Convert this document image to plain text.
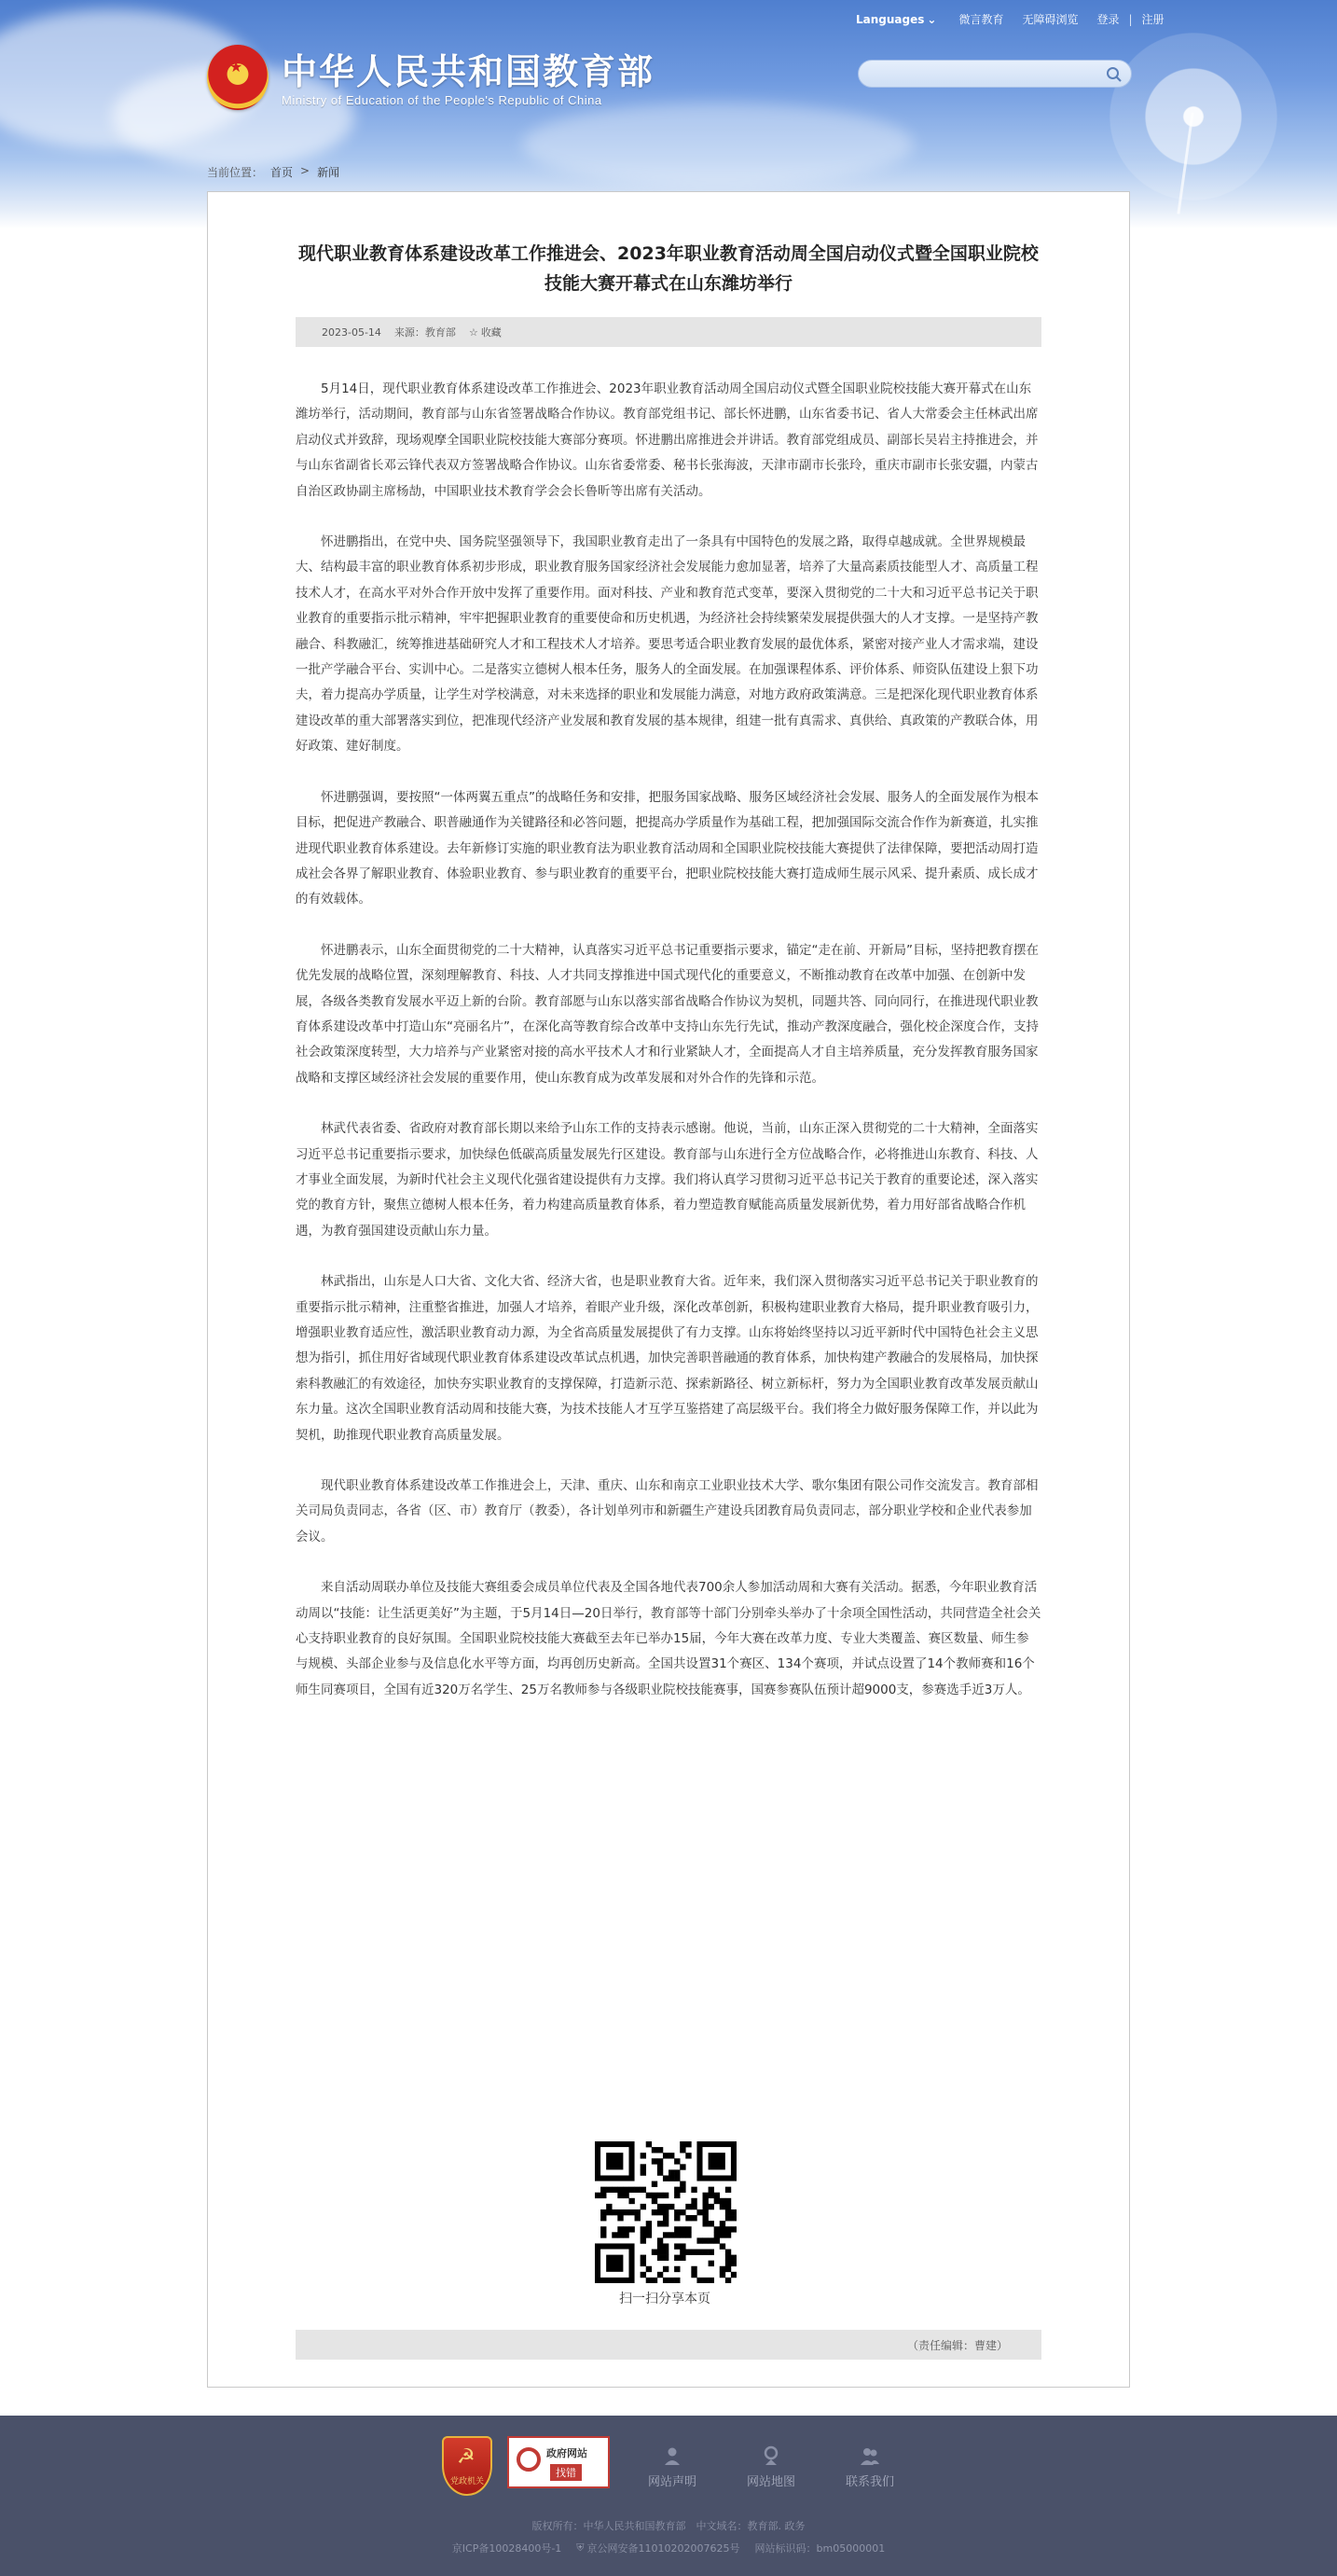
Languages ⌄ 微言教育 无障碍浏览 登录 | 注册
★
中华人民共和国教育部
Ministry of Education of the People's Republic of China
当前位置： 首页 > 新闻
现代职业教育体系建设改革工作推进会、2023年职业教育活动周全国启动仪式暨全国职业院校技能大赛开幕式在山东潍坊举行
2023-05-14 来源：教育部 ☆ 收藏

5月14日，现代职业教育体系建设改革工作推进会、2023年职业教育活动周全国启动仪式暨全国职业院校技能大赛开幕式在山东潍坊举行，活动期间，教育部与山东省签署战略合作协议。教育部党组书记、部长怀进鹏，山东省委书记、省人大常委会主任林武出席启动仪式并致辞，现场观摩全国职业院校技能大赛部分赛项。怀进鹏出席推进会并讲话。教育部党组成员、副部长吴岩主持推进会，并与山东省副省长邓云锋代表双方签署战略合作协议。山东省委常委、秘书长张海波，天津市副市长张玲，重庆市副市长张安疆，内蒙古自治区政协副主席杨劼，中国职业技术教育学会会长鲁昕等出席有关活动。

怀进鹏指出，在党中央、国务院坚强领导下，我国职业教育走出了一条具有中国特色的发展之路，取得卓越成就。全世界规模最大、结构最丰富的职业教育体系初步形成，职业教育服务国家经济社会发展能力愈加显著，培养了大量高素质技能型人才、高质量工程技术人才，在高水平对外合作开放中发挥了重要作用。面对科技、产业和教育范式变革，要深入贯彻党的二十大和习近平总书记关于职业教育的重要指示批示精神，牢牢把握职业教育的重要使命和历史机遇，为经济社会持续繁荣发展提供强大的人才支撑。一是坚持产教融合、科教融汇，统筹推进基础研究人才和工程技术人才培养。要思考适合职业教育发展的最优体系，紧密对接产业人才需求端，建设一批产学融合平台、实训中心。二是落实立德树人根本任务，服务人的全面发展。在加强课程体系、评价体系、师资队伍建设上狠下功夫，着力提高办学质量，让学生对学校满意，对未来选择的职业和发展能力满意，对地方政府政策满意。三是把深化现代职业教育体系建设改革的重大部署落实到位，把准现代经济产业发展和教育发展的基本规律，组建一批有真需求、真供给、真政策的产教联合体，用好政策、建好制度。

怀进鹏强调，要按照“一体两翼五重点”的战略任务和安排，把服务国家战略、服务区域经济社会发展、服务人的全面发展作为根本目标，把促进产教融合、职普融通作为关键路径和必答问题，把提高办学质量作为基础工程，把加强国际交流合作作为新赛道，扎实推进现代职业教育体系建设。去年新修订实施的职业教育法为职业教育活动周和全国职业院校技能大赛提供了法律保障，要把活动周打造成社会各界了解职业教育、体验职业教育、参与职业教育的重要平台，把职业院校技能大赛打造成师生展示风采、提升素质、成长成才的有效载体。

怀进鹏表示，山东全面贯彻党的二十大精神，认真落实习近平总书记重要指示要求，锚定“走在前、开新局”目标，坚持把教育摆在优先发展的战略位置，深刻理解教育、科技、人才共同支撑推进中国式现代化的重要意义，不断推动教育在改革中加强、在创新中发展，各级各类教育发展水平迈上新的台阶。教育部愿与山东以落实部省战略合作协议为契机，同题共答、同向同行，在推进现代职业教育体系建设改革中打造山东“亮丽名片”，在深化高等教育综合改革中支持山东先行先试，推动产教深度融合，强化校企深度合作，支持社会政策深度转型，大力培养与产业紧密对接的高水平技术人才和行业紧缺人才，全面提高人才自主培养质量，充分发挥教育服务国家战略和支撑区域经济社会发展的重要作用，使山东教育成为改革发展和对外合作的先锋和示范。

林武代表省委、省政府对教育部长期以来给予山东工作的支持表示感谢。他说，当前，山东正深入贯彻党的二十大精神，全面落实习近平总书记重要指示要求，加快绿色低碳高质量发展先行区建设。教育部与山东进行全方位战略合作，必将推进山东教育、科技、人才事业全面发展，为新时代社会主义现代化强省建设提供有力支撑。我们将认真学习贯彻习近平总书记关于教育的重要论述，深入落实党的教育方针，聚焦立德树人根本任务，着力构建高质量教育体系，着力塑造教育赋能高质量发展新优势，着力用好部省战略合作机遇，为教育强国建设贡献山东力量。

林武指出，山东是人口大省、文化大省、经济大省，也是职业教育大省。近年来，我们深入贯彻落实习近平总书记关于职业教育的重要指示批示精神，注重整省推进，加强人才培养，着眼产业升级，深化改革创新，积极构建职业教育大格局，提升职业教育吸引力，增强职业教育适应性，激活职业教育动力源，为全省高质量发展提供了有力支撑。山东将始终坚持以习近平新时代中国特色社会主义思想为指引，抓住用好省域现代职业教育体系建设改革试点机遇，加快完善职普融通的教育体系，加快构建产教融合的发展格局，加快探索科教融汇的有效途径，加快夯实职业教育的支撑保障，打造新示范、探索新路径、树立新标杆，努力为全国职业教育改革发展贡献山东力量。这次全国职业教育活动周和技能大赛，为技术技能人才互学互鉴搭建了高层级平台。我们将全力做好服务保障工作，并以此为契机，助推现代职业教育高质量发展。

现代职业教育体系建设改革工作推进会上，天津、重庆、山东和南京工业职业技术大学、歌尔集团有限公司作交流发言。教育部相关司局负责同志，各省（区、市）教育厅（教委），各计划单列市和新疆生产建设兵团教育局负责同志，部分职业学校和企业代表参加会议。

来自活动周联办单位及技能大赛组委会成员单位代表及全国各地代表700余人参加活动周和大赛有关活动。据悉，今年职业教育活动周以“技能：让生活更美好”为主题，于5月14日—20日举行，教育部等十部门分别牵头举办了十余项全国性活动，共同营造全社会关心支持职业教育的良好氛围。全国职业院校技能大赛截至去年已举办15届，今年大赛在改革力度、专业大类覆盖、赛区数量、师生参与规模、头部企业参与及信息化水平等方面，均再创历史新高。全国共设置31个赛区、134个赛项，并试点设置了14个教师赛和16个师生同赛项目，全国有近320万名学生、25万名教师参与各级职业院校技能赛事，国赛参赛队伍预计超9000支，参赛选手近3万人。

扫一扫分享本页
（责任编辑：曹建）
☭ 党政机关
政府网站
找错
网站声明	网站地图	联系我们
版权所有：中华人民共和国教育部　中文域名：教育部. 政务
京ICP备10028400号-1 ⛨ 京公网安备11010202007625号 网站标识码：bm05000001
